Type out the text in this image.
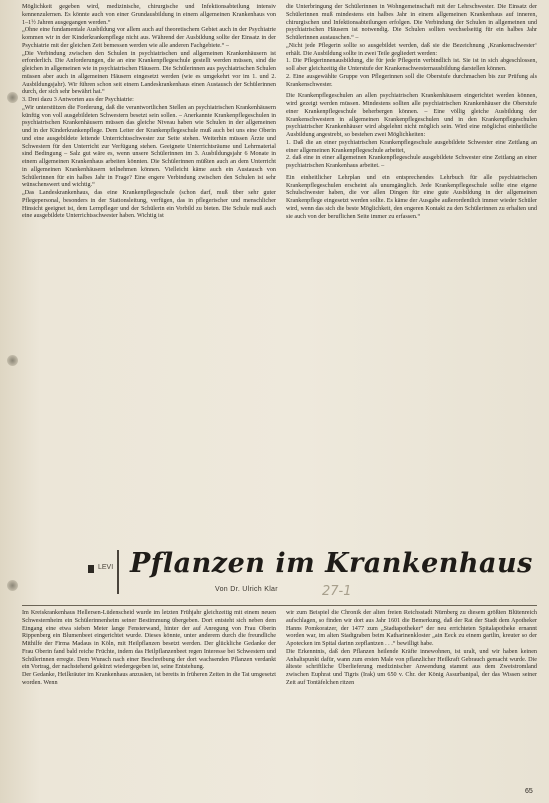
Möglichkeit gegeben wird, medizinische, chirurgische und Infektionsabteilung intensiv kennenzulernen. Es könnte auch von einer Grundausbildung in einem allgemeinen Krankenhaus von 1–1½ Jahren ausgegangen werden.“

„Ohne eine fundamentale Ausbildung vor allem auch auf theoretischem Gebiet auch in der Psychiatrie kommen wir in der Kinderkrankenpflege nicht aus. Während der Ausbildung sollte der Einsatz in der Psychiatrie mit der gleichen Zeit bemessen werden wie alle anderen Fachgebiete.“ –

„Die Verbindung zwischen den Schulen in psychiatrischen und allgemeinen Krankenhäusern ist erforderlich. Die Anforderungen, die an eine Krankenpflegeschule gestellt werden müssen, sind die gleichen in allgemeinen wie in psychiatrischen Häusern. Die Schülerinnen aus psychiatrischen Schulen müssen aber auch in allgemeinen Häusern eingesetzt werden (wie es umgekehrt vor im 1. und 2. Ausbildungsjahr). Wir führen schon seit einem Landeskrankenhaus einen Austausch der Schülerinnen durch, der sich sehr bewährt hat.“

3. Drei dazu 3 Antworten aus der Psychiatrie:

„Wir unterstützen die Forderung, daß die verantwortlichen Stellen an psychiatrischen Krankenhäusern künftig von voll ausgebildeten Schwestern besetzt sein sollen. – Anerkannte Krankenpflegeschulen in psychiatrischen Krankenhäusern müssen das gleiche Niveau haben wie Schulen in der allgemeinen und in der Kinderkrankenpflege. Dem Leiter der Krankenpflegeschule muß auch bei uns eine Oberin und eine ausgebildete leitende Unterrichtsschwester zur Seite stehen. Weiterhin müssen Ärzte und Schwestern für den Unterricht zur Verfügung stehen. Geeignete Unterrichtsräume und Lehrmaterial sind Bedingung – Salz gut wäre es, wenn unsere Schülerinnen im 3. Ausbildungsjahr 6 Monate in einem allgemeinen Krankenhaus arbeiten könnten. Die Schülerinnen müßten auch an dem Unterricht in allgemeinen Krankenhäusern teilnehmen können. Vielleicht käme auch ein Austausch von Schülerinnen für ein halbes Jahr in Frage? Eine engere Verbindung zwischen den Schulen ist sehr wünschenswert und wichtig.“

„Das Landeskrankenhaus, das eine Krankenpflegeschule (schon darf, muß über sehr guter Pflegepersonal, besonders in der Stationsleitung, verfügen, das in pflegerischer und menschlicher Hinsicht geeignet ist, dem Lernpfleger und der Schülerin ein Vorbild zu bieten. Die Schule muß auch eine ausgebildete Unterrichtsschwester haben. Wichtig ist

die Unterbringung der Schülerinnen in Wohngemeinschaft mit der Lehrschwester. Die Einsatz der Schülerinnen muß mindestens ein halbes Jahr in einem allgemeinen Krankenhaus auf inneren, chirurgischen und Infektionsabteilungen erfolgen. Die Verbindung der Schulen in allgemeinen und psychiatrischen Häusern ist notwendig. Die Schulen sollten wechselseitig für ein halbes Jahr Schülerinnen austauschen.“ –

„Nicht jede Pflegerin sollte so ausgebildet werden, daß sie die Bezeichnung ‚Krankenschwester‘ erhält. Die Ausbildung sollte in zwei Teile gegliedert werden:

1. Die Pflegerinnenausbildung, die für jede Pflegerin verbindlich ist. Sie ist in sich abgeschlossen, soll aber gleichzeitig die Unterstufe der Krankenschwesternausbildung darstellen können.

2. Eine ausgewählte Gruppe von Pflegerinnen soll die Oberstufe durchmachen bis zur Prüfung als Krankenschwester.

Die Krankenpflegeschulen an allen psychiatrischen Krankenhäusern eingerichtet werden können, wird gezeigt werden müssen. Mindestens sollten alle psychiatrischen Krankenhäuser die Oberstufe einer Krankenpflegeschule beherbergen können. – Eine völlig gleiche Ausbildung der Krankenschwestern in allgemeinen Krankenpflegeschulen und in den Krankenpflegeschulen psychiatrischer Krankenhäuser wird abgelehnt nicht möglich sein. Wird eine möglichst einheitliche Ausbildung angestrebt, so bestehen zwei Möglichkeiten:

1. Daß die an einer psychiatrischen Krankenpflegeschule ausgebildete Schwester eine Zeitlang an einer allgemeinen Krankenpflegeschule arbeitet,

2. daß eine in einer allgemeinen Krankenpflegeschule ausgebildete Schwester eine Zeitlang an einer psychiatrischen Krankenhaus arbeitet. –

Ein einheitlicher Lehrplan und ein entsprechendes Lehrbuch für alle psychiatrischen Krankenpflegeschulen erscheint als unumgänglich. Jede Krankenpflegeschule sollte eine eigene Schulschwester haben, die vor allen Dingen für eine gute Ausbildung in der allgemeinen Krankenpflege eingesetzt werden sollte. Es käme der Ausgabe außerordentlich immer wieder Schüler wird, wenn das sich die beste Möglichkeit, den engeren Kontakt zu den Schülerinnen zu erhalten und sie auch von der beruflichen Seite immer zu erfassen.“

LEVI Pflanzen im Krankenhaus
Von Dr. Ulrich Klar	27-1

Im Kreiskrankenhaus Hellersen-Lüdenscheid wurde im letzten Frühjahr gleichzeitig mit einem neuen Schwesternheim ein Schülerinnenheim seiner Bestimmung übergeben. Dort entsteht sich neben dem Eingang eine etwa sieben Meter lange Fensterwand, hinter der auf Anregung von Frau Oberin Rippenberg ein Blumenbeet eingerichtet wurde. Dieses könnte, unter anderem durch die freundliche Mithilfe der Firma Madaus in Köln, mit Heilpflanzen besetzt werden. Der glückliche Gedanke der Frau Oberin fand bald reiche Früchte, indem das Heilpflanzenbeet regen Interesse bei Schwestern und Schülerinnen erregte. Dem Wunsch nach einer Beschreibung der dort wachsenden Pflanzen verdankt ein Vortrag, der nachstehend gekürzt wiedergegeben ist, seine Entstehung.

Der Gedanke, Heilkräuter im Krankenhaus anzusäen, ist bereits in früheren Zeiten in die Tat umgesetzt worden. Wenn

wir zum Beispiel die Chronik der alten freien Reichsstadt Nürnberg zu diesem größten Blütenreich aufschlagen, so finden wir dort aus Jahr 1601 die Bemerkung, daß der Rat der Stadt dem Apotheker Hanns Pomkoratzer, der 1477 zum „Stadtapotheker“ der neu errichteten Spitalapotheke ernannt worden war, im alten Stadtgraben beim Katharinenkloster „ain Eeck zu einem gartlin, kreuter so der Apotecken im Spital darinn zepflantzen . . .“ bewilligt habe.

Die Erkenntnis, daß den Pflanzen heilende Kräfte innewohnen, ist uralt, und wir haben keinen Anhaltspunkt dafür, wann zum ersten Male von pflanzlicher Heilkraft Gebrauch gemacht wurde. Die älteste schriftliche Überlieferung medizinischer Anwendung stammt aus dem Zweistromland zwischen Euphrat und Tigris (Irak) um 650 v. Chr. der König Assurbanipal, der das Wissen seiner Zeit auf Tontäfelchen ritzen

65
